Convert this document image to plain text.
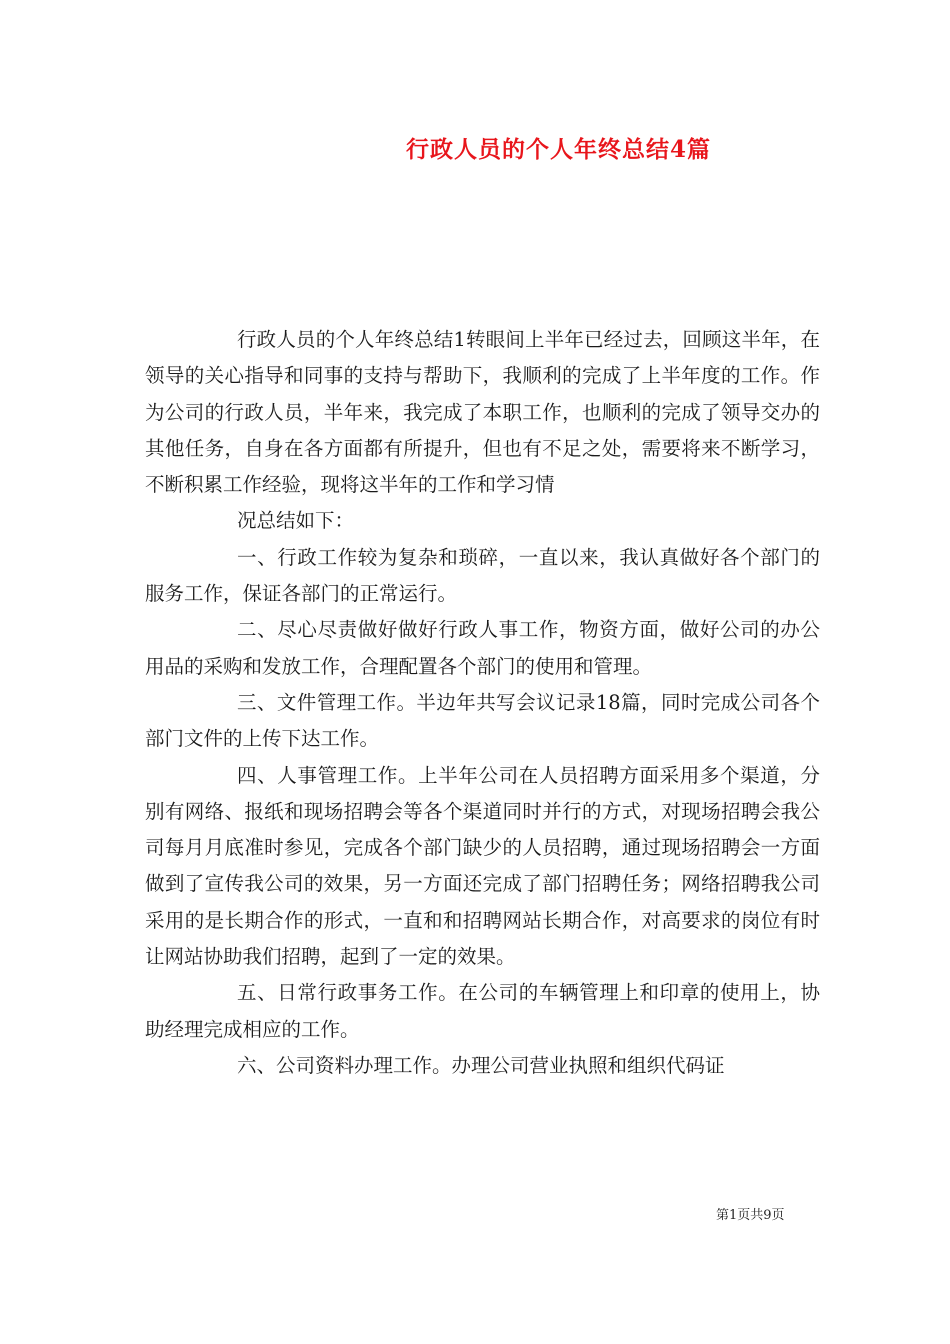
行政人员的个人年终总结4篇

行政人员的个人年终总结1转眼间上半年已经过去，回顾这半年，在领导的关心指导和同事的支持与帮助下，我顺利的完成了上半年度的工作。作为公司的行政人员，半年来，我完成了本职工作，也顺利的完成了领导交办的其他任务，自身在各方面都有所提升，但也有不足之处，需要将来不断学习，不断积累工作经验，现将这半年的工作和学习情

况总结如下：

一、行政工作较为复杂和琐碎，一直以来，我认真做好各个部门的服务工作，保证各部门的正常运行。

二、尽心尽责做好做好行政人事工作，物资方面，做好公司的办公用品的采购和发放工作，合理配置各个部门的使用和管理。

三、文件管理工作。半边年共写会议记录18篇，同时完成公司各个部门文件的上传下达工作。

四、人事管理工作。上半年公司在人员招聘方面采用多个渠道，分别有网络、报纸和现场招聘会等各个渠道同时并行的方式，对现场招聘会我公司每月月底准时参见，完成各个部门缺少的人员招聘，通过现场招聘会一方面做到了宣传我公司的效果，另一方面还完成了部门招聘任务；网络招聘我公司采用的是长期合作的形式，一直和和招聘网站长期合作，对高要求的岗位有时让网站协助我们招聘，起到了一定的效果。

五、日常行政事务工作。在公司的车辆管理上和印章的使用上，协助经理完成相应的工作。

六、公司资料办理工作。办理公司营业执照和组织代码证

第1页共9页
